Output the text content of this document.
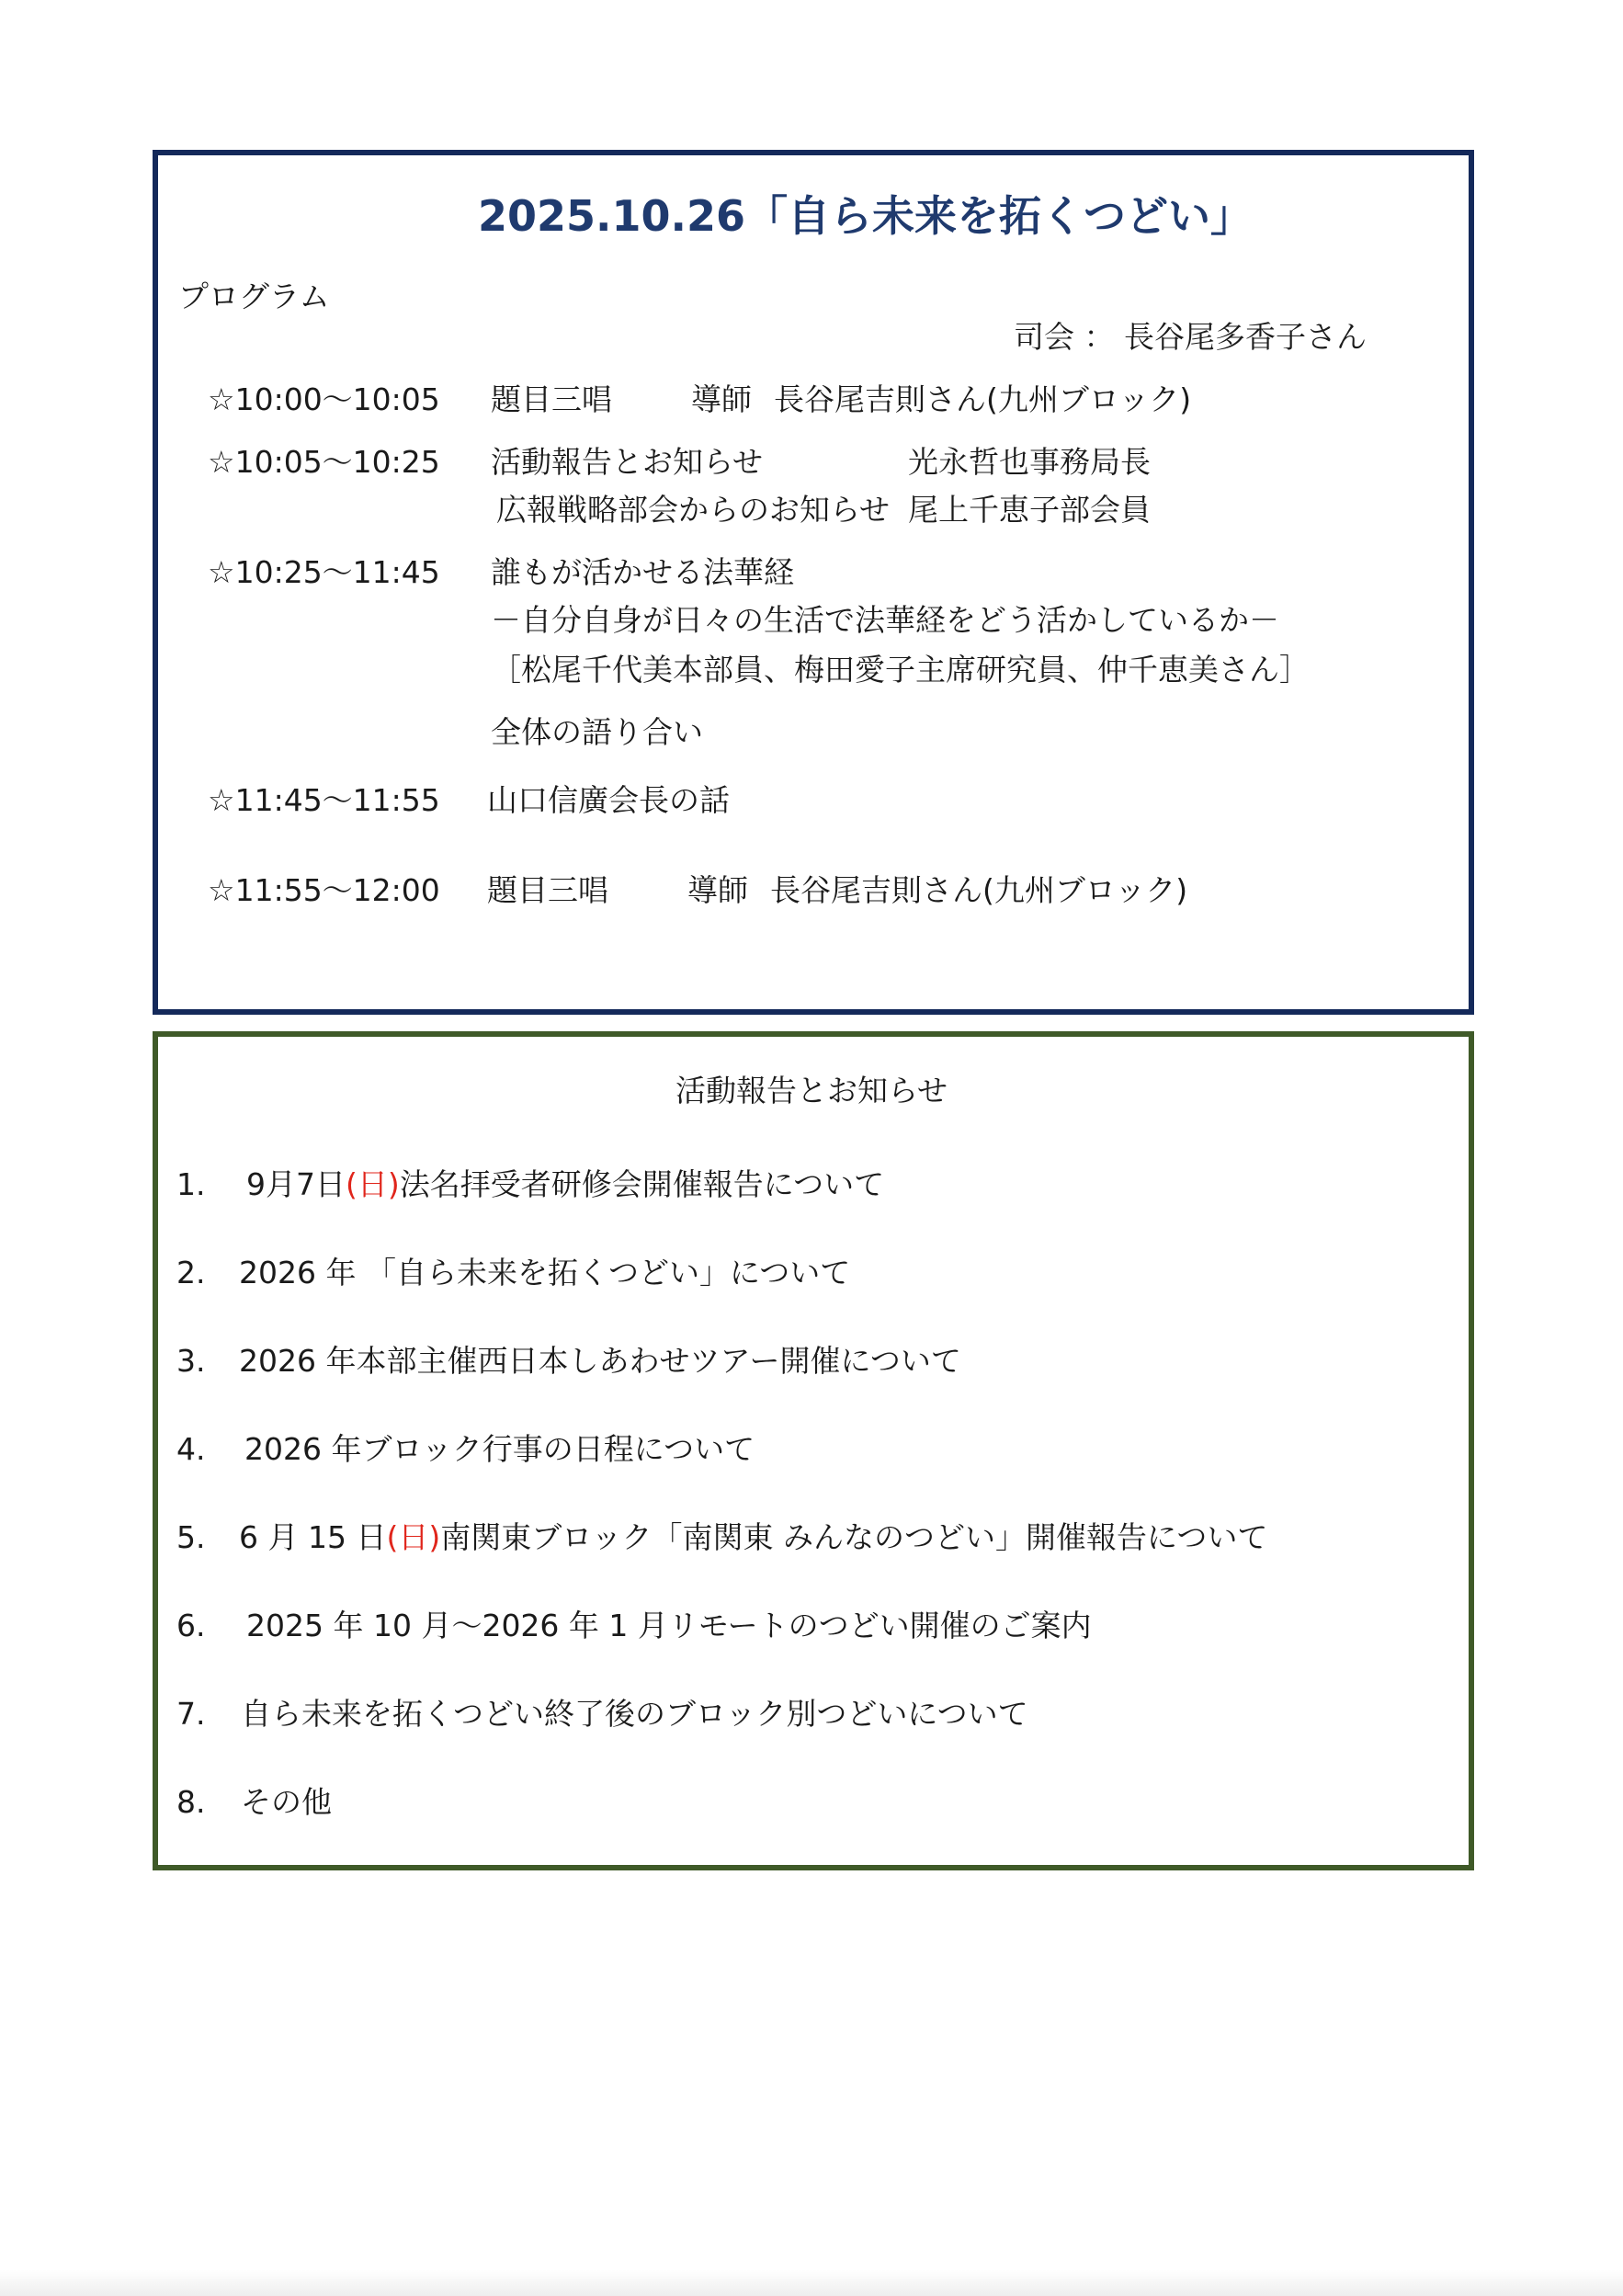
2025.10.26「自ら未来を拓くつどい」
プログラム
司会 ： 長谷尾多香子さん
☆10:00～10:05 題目三唱	導師 長谷尾吉則さん(九州ブロック)
☆10:05～10:25 活動報告とお知らせ	光永哲也事務局長
広報戦略部会からのお知らせ 尾上千恵子部会員
☆10:25～11:45 誰もが活かせる法華経
－自分自身が日々の生活で法華経をどう活かしているか－
［松尾千代美本部員、梅田愛子主席研究員、仲千恵美さん］
全体の語り合い
☆11:45～11:55 山口信廣会長の話
☆11:55～12:00 題目三唱	導師 長谷尾吉則さん(九州ブロック)
活動報告とお知らせ
1. 9月7日(日)法名拝受者研修会開催報告について
2. 2026 年 「自ら未来を拓くつどい」について
3. 2026 年本部主催西日本しあわせツアー開催について
4. 2026 年ブロック行事の日程について
5. 6 月 15 日(日)南関東ブロック「南関東 みんなのつどい」開催報告について
6. 2025 年 10 月～2026 年 1 月リモートのつどい開催のご案内
7. 自ら未来を拓くつどい終了後のブロック別つどいについて
8. その他
